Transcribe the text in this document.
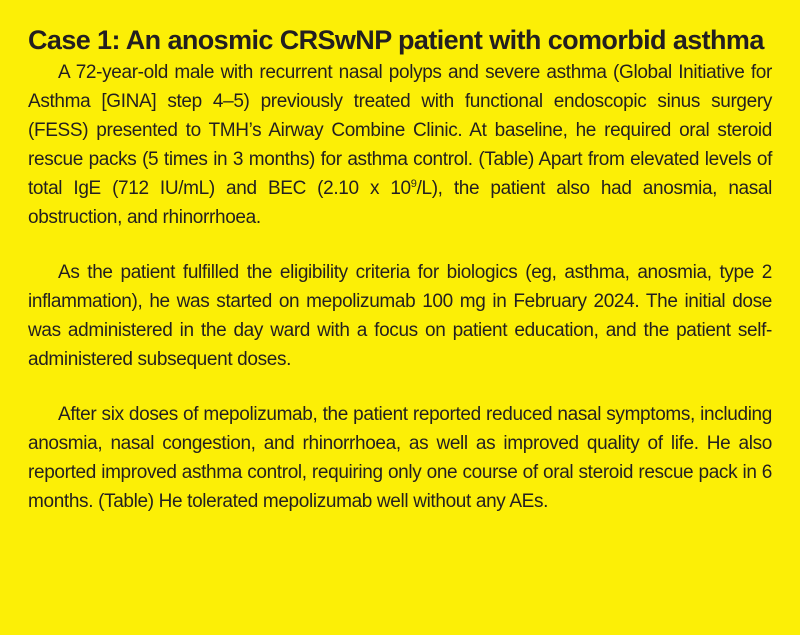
Case 1: An anosmic CRSwNP patient with comorbid asthma

A 72-year-old male with recurrent nasal polyps and severe asthma (Global Initiative for Asthma [GINA] step 4–5) previously treated with functional endoscopic sinus surgery (FESS) presented to TMH’s Airway Combine Clinic. At baseline, he required oral steroid rescue packs (5 times in 3 months) for asthma control. (Table) Apart from elevated levels of total IgE (712 IU/mL) and BEC (2.10 x $10^9/L$), the patient also had anosmia, nasal obstruction, and rhinorrhoea.

As the patient fulfilled the eligibility criteria for biologics (eg, asthma, anosmia, type 2 inflammation), he was started on mepolizumab 100 mg in February 2024. The initial dose was administered in the day ward with a focus on patient education, and the patient self-administered subsequent doses.

After six doses of mepolizumab, the patient reported reduced nasal symptoms, including anosmia, nasal congestion, and rhinorrhoea, as well as improved quality of life. He also reported improved asthma control, requiring only one course of oral steroid rescue pack in 6 months. (Table) He tolerated mepolizumab well without any AEs.
